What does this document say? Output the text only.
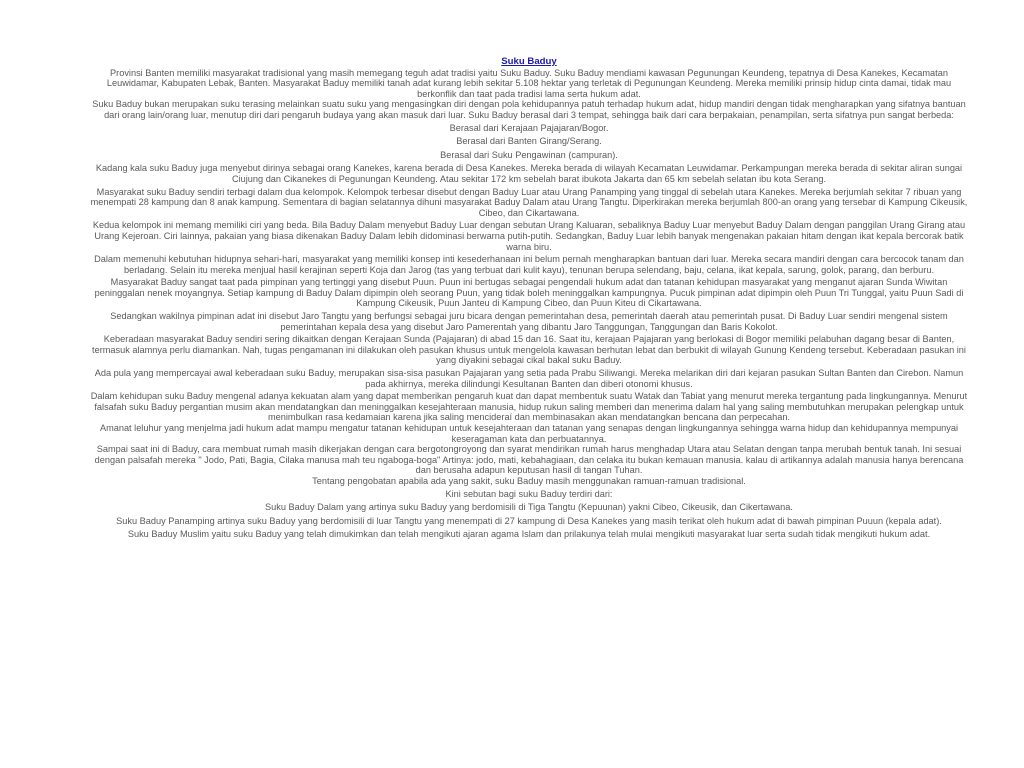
Suku Baduy
Provinsi Banten memiliki masyarakat tradisional yang masih memegang teguh adat tradisi yaitu Suku Baduy. Suku Baduy mendiami kawasan Pegunungan Keundeng, tepatnya di Desa Kanekes, Kecamatan Leuwidamar, Kabupaten Lebak, Banten. Masyarakat Baduy memiliki tanah adat kurang lebih sekitar 5.108 hektar yang terletak di Pegunungan Keundeng. Mereka memiliki prinsip hidup cinta damai, tidak mau berkonflik dan taat pada tradisi lama serta hukum adat.
Suku Baduy bukan merupakan suku terasing melainkan suatu suku yang mengasingkan diri dengan pola kehidupannya patuh terhadap hukum adat, hidup mandiri dengan tidak mengharapkan yang sifatnya bantuan dari orang lain/orang luar, menutup diri dari pengaruh budaya yang akan masuk dari luar. Suku Baduy berasal dari 3 tempat, sehingga baik dari cara berpakaian, penampilan, serta sifatnya pun sangat berbeda:
Berasal dari Kerajaan Pajajaran/Bogor.
Berasal dari Banten Girang/Serang.
Berasal dari Suku Pengawinan (campuran).
Kadang kala suku Baduy juga menyebut dirinya sebagai orang Kanekes, karena berada di Desa Kanekes. Mereka berada di wilayah Kecamatan Leuwidamar. Perkampungan mereka berada di sekitar aliran sungai Ciujung dan Cikanekes di Pegunungan Keundeng. Atau sekitar 172 km sebelah barat ibukota Jakarta dan 65 km sebelah selatan ibu kota Serang.
Masyarakat suku Baduy sendiri terbagi dalam dua kelompok. Kelompok terbesar disebut dengan Baduy Luar atau Urang Panamping yang tinggal di sebelah utara Kanekes. Mereka berjumlah sekitar 7 ribuan yang menempati 28 kampung dan 8 anak kampung. Sementara di bagian selatannya dihuni masyarakat Baduy Dalam atau Urang Tangtu. Diperkirakan mereka berjumlah 800-an orang yang tersebar di Kampung Cikeusik, Cibeo, dan Cikartawana.
Kedua kelompok ini memang memiliki ciri yang beda. Bila Baduy Dalam menyebut Baduy Luar dengan sebutan Urang Kaluaran, sebaliknya Baduy Luar menyebut Baduy Dalam dengan panggilan Urang Girang atau Urang Kejeroan. Ciri lainnya, pakaian yang biasa dikenakan Baduy Dalam lebih didominasi berwarna putih-putih. Sedangkan, Baduy Luar lebih banyak mengenakan pakaian hitam dengan ikat kepala bercorak batik warna biru.
Dalam memenuhi kebutuhan hidupnya sehari-hari, masyarakat yang memiliki konsep inti kesederhanaan ini belum pernah mengharapkan bantuan dari luar. Mereka secara mandiri dengan cara bercocok tanam dan berladang. Selain itu mereka menjual hasil kerajinan seperti Koja dan Jarog (tas yang terbuat dari kulit kayu), tenunan berupa selendang, baju, celana, ikat kepala, sarung, golok, parang, dan berburu.
Masyarakat Baduy sangat taat pada pimpinan yang tertinggi yang disebut Puun. Puun ini bertugas sebagai pengendali hukum adat dan tatanan kehidupan masyarakat yang menganut ajaran Sunda Wiwitan peninggalan nenek moyangnya. Setiap kampung di Baduy Dalam dipimpin oleh seorang Puun, yang tidak boleh meninggalkan kampungnya. Pucuk pimpinan adat dipimpin oleh Puun Tri Tunggal, yaitu Puun Sadi di Kampung Cikeusik, Puun Janteu di Kampung Cibeo, dan Puun Kiteu di Cikartawana.
Sedangkan wakilnya pimpinan adat ini disebut Jaro Tangtu yang berfungsi sebagai juru bicara dengan pemerintahan desa, pemerintah daerah atau pemerintah pusat. Di Baduy Luar sendiri mengenal sistem pemerintahan kepala desa yang disebut Jaro Pamerentah yang dibantu Jaro Tanggungan, Tanggungan dan Baris Kokolot.
Keberadaan masyarakat Baduy sendiri sering dikaitkan dengan Kerajaan Sunda (Pajajaran) di abad 15 dan 16. Saat itu, kerajaan Pajajaran yang berlokasi di Bogor memiliki pelabuhan dagang besar di Banten, termasuk alamnya perlu diamankan. Nah, tugas pengamanan ini dilakukan oleh pasukan khusus untuk mengelola kawasan berhutan lebat dan berbukit di wilayah Gunung Kendeng tersebut. Keberadaan pasukan ini yang diyakini sebagai cikal bakal suku Baduy.
Ada pula yang mempercayai awal keberadaan suku Baduy, merupakan sisa-sisa pasukan Pajajaran yang setia pada Prabu Siliwangi. Mereka melarikan diri dari kejaran pasukan Sultan Banten dan Cirebon. Namun pada akhirnya, mereka dilindungi Kesultanan Banten dan diberi otonomi khusus.
Dalam kehidupan suku Baduy mengenal adanya kekuatan alam yang dapat memberikan pengaruh kuat dan dapat membentuk suatu Watak dan Tabiat yang menurut mereka tergantung pada lingkungannya. Menurut falsafah suku Baduy pergantian musim akan mendatangkan dan meninggalkan kesejahteraan manusia, hidup rukun saling memberi dan menerima dalam hal yang saling membutuhkan merupakan pelengkap untuk menimbulkan rasa kedamaian karena jika saling mencideraí dan membinasakan akan mendatangkan bencana dan perpecahan.
Amanat leluhur yang menjelma jadi hukum adat mampu mengatur tatanan kehidupan untuk kesejahteraan dan tatanan yang senapas dengan lingkungannya sehingga warna hidup dan kehidupannya mempunyai keseragaman kata dan perbuatannya.
Sampai saat ini di Baduy, cara membuat rumah masih dikerjakan dengan cara bergotongroyong dan syarat mendirikan rumah harus menghadap Utara atau Selatan dengan tanpa merubah bentuk tanah. Ini sesuai dengan palsafah mereka " Jodo, Pati, Bagia, Cilaka manusa mah teu ngaboga-boga" Artinya: jodo, mati, kebahagiaan, dan celaka itu bukan kemauan manusia. kalau di artikannya adalah manusia hanya berencana dan berusaha adapun keputusan hasil di tangan Tuhan.
Tentang pengobatan apabila ada yang sakit, suku Baduy masih menggunakan ramuan-ramuan tradisional.
Kini sebutan bagi suku Baduy terdiri dari:
Suku Baduy Dalam yang artinya suku Baduy yang berdomisili di Tiga Tangtu (Kepuunan) yakni Cibeo, Cikeusik, dan Cikertawana.
Suku Baduy Panamping artinya suku Baduy yang berdomisili di luar Tangtu yang menempati di 27 kampung di Desa Kanekes yang masih terikat oleh hukum adat di bawah pimpinan Puuun (kepala adat).
Suku Baduy Muslim yaitu suku Baduy yang telah dimukimkan dan telah mengikuti ajaran agama Islam dan prilakunya telah mulai mengikuti masyarakat luar serta sudah tidak mengikuti hukum adat.
